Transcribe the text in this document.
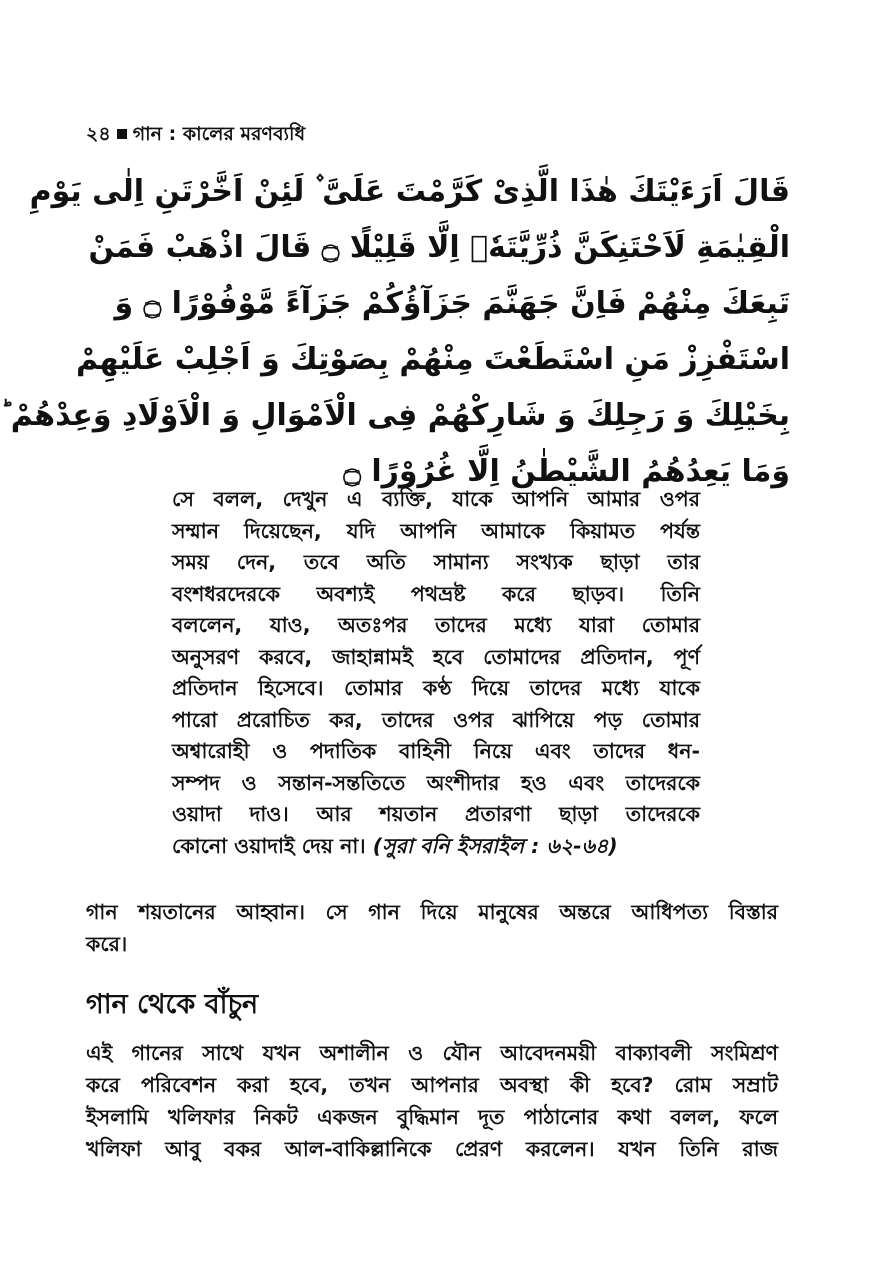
২৪ গান : কালের মরণব্যধি
قَالَ اَرَءَيْتَكَ هٰذَا الَّذِىْ كَرَّمْتَ عَلَىَّ ۫ لَئِنْ اَخَّرْتَنِ اِلٰى يَوْمِ
الْقِيٰمَةِ لَاَحْتَنِكَنَّ ذُرِّيَّتَهٗۤ اِلَّا قَلِيْلًا ۝ قَالَ اذْهَبْ فَمَنْ
تَبِعَكَ مِنْهُمْ فَاِنَّ جَهَنَّمَ جَزَآؤُكُمْ جَزَآءً مَّوْفُوْرًا ۝ وَ
اسْتَفْزِزْ مَنِ اسْتَطَعْتَ مِنْهُمْ بِصَوْتِكَ وَ اَجْلِبْ عَلَيْهِمْ
بِخَيْلِكَ وَ رَجِلِكَ وَ شَارِكْهُمْ فِى الْاَمْوَالِ وَ الْاَوْلَادِ وَعِدْهُمْ ؕ
وَمَا يَعِدُهُمُ الشَّيْطٰنُ اِلَّا غُرُوْرًا ۝
সে বলল, দেখুন এ ব্যক্তি, যাকে আপনি আমার ওপর
সম্মান দিয়েছেন, যদি আপনি আমাকে কিয়ামত পর্যন্ত
সময় দেন, তবে অতি সামান্য সংখ্যক ছাড়া তার
বংশধরদেরকে অবশ্যই পথভ্রষ্ট করে ছাড়ব। তিনি
বললেন, যাও, অতঃপর তাদের মধ্যে যারা তোমার
অনুসরণ করবে, জাহান্নামই হবে তোমাদের প্রতিদান, পূর্ণ
প্রতিদান হিসেবে। তোমার কণ্ঠ দিয়ে তাদের মধ্যে যাকে
পারো প্ররোচিত কর, তাদের ওপর ঝাপিয়ে পড় তোমার
অশ্বারোহী ও পদাতিক বাহিনী নিয়ে এবং তাদের ধন-
সম্পদ ও সন্তান-সন্ততিতে অংশীদার হও এবং তাদেরকে
ওয়াদা দাও। আর শয়তান প্রতারণা ছাড়া তাদেরকে
কোনো ওয়াদাই দেয় না। (সুরা বনি ইসরাইল : ৬২-৬৪)
গান শয়তানের আহ্বান। সে গান দিয়ে মানুষের অন্তরে আধিপত্য বিস্তার
করে।
গান থেকে বাঁচুন
এই গানের সাথে যখন অশালীন ও যৌন আবেদনময়ী বাক্যাবলী সংমিশ্রণ
করে পরিবেশন করা হবে, তখন আপনার অবস্থা কী হবে? রোম সম্রাট
ইসলামি খলিফার নিকট একজন বুদ্ধিমান দূত পাঠানোর কথা বলল, ফলে
খলিফা আবু বকর আল-বাকিল্লানিকে প্রেরণ করলেন। যখন তিনি রাজ
